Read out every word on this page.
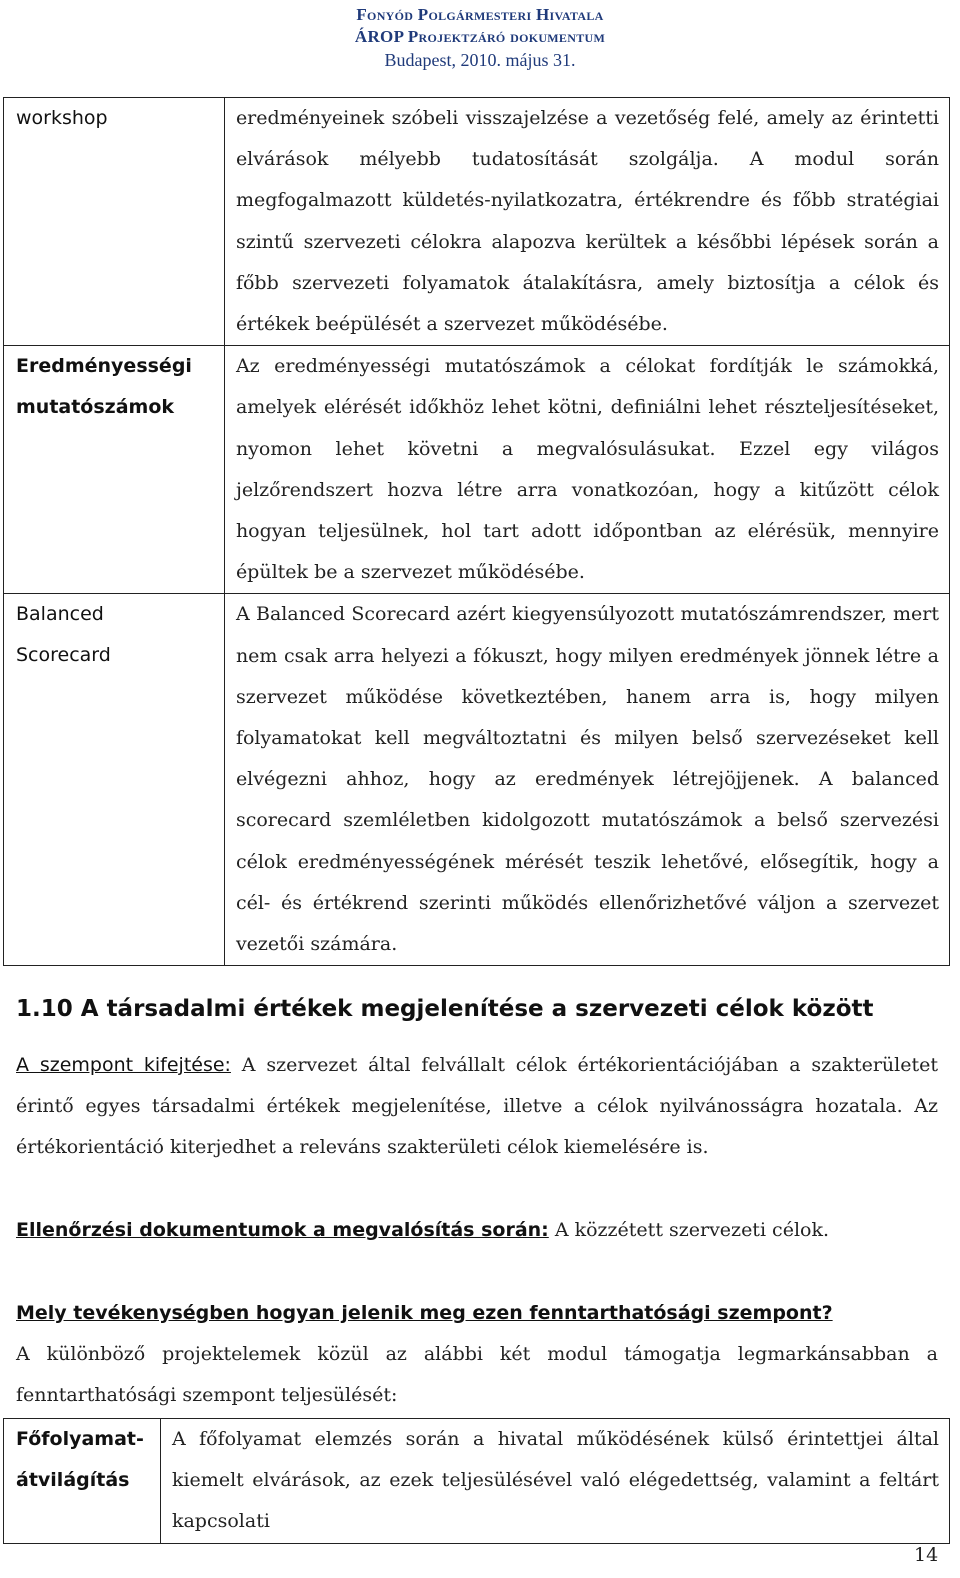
Fonyód Polgármesteri Hivatala
ÁROP Projektzáró dokumentum
Budapest, 2010. május 31.
workshop	eredményeinek szóbeli visszajelzése a vezetőség felé, amely az érintetti elvárások mélyebb tudatosítását szolgálja. A modul során megfogalmazott küldetés-nyilatkozatra, értékrendre és főbb stratégiai szintű szervezeti célokra alapozva kerültek a későbbi lépések során a főbb szervezeti folyamatok átalakításra, amely biztosítja a célok és értékek beépülését a szervezet működésébe.

Eredményességi
mutatószámok	Az eredményességi mutatószámok a célokat fordítják le számokká, amelyek elérését időkhöz lehet kötni, definiálni lehet részteljesítéseket, nyomon lehet követni a megvalósulásukat. Ezzel egy világos jelzőrendszert hozva létre arra vonatkozóan, hogy a kitűzött célok hogyan teljesülnek, hol tart adott időpontban az elérésük, mennyire épültek be a szervezet működésébe.

Balanced
Scorecard	A Balanced Scorecard azért kiegyensúlyozott mutatószámrendszer, mert nem csak arra helyezi a fókuszt, hogy milyen eredmények jönnek létre a szervezet működése következtében, hanem arra is, hogy milyen folyamatokat kell megváltoztatni és milyen belső szervezéseket kell elvégezni ahhoz, hogy az eredmények létrejöjjenek. A balanced scorecard szemléletben kidolgozott mutatószámok a belső szervezési célok eredményességének mérését teszik lehetővé, elősegítik, hogy a cél- és értékrend szerinti működés ellenőrizhetővé váljon a szervezet vezetői számára.
1.10 A társadalmi értékek megjelenítése a szervezeti célok között
A szempont kifejtése: A szervezet által felvállalt célok értékorientációjában a szakterületet érintő egyes társadalmi értékek megjelenítése, illetve a célok nyilvánosságra hozatala. Az értékorientáció kiterjedhet a releváns szakterületi célok kiemelésére is.
Ellenőrzési dokumentumok a megvalósítás során: A közzétett szervezeti célok.
Mely tevékenységben hogyan jelenik meg ezen fenntarthatósági szempont?
A különböző projektelemek közül az alábbi két modul támogatja legmarkánsabban a fenntarthatósági szempont teljesülését:
Főfolyamat-
átvilágítás
	A főfolyamat elemzés során a hivatal működésének külső érintettjei által kiemelt elvárások, az ezek teljesülésével való elégedettség, valamint a feltárt kapcsolati
14
